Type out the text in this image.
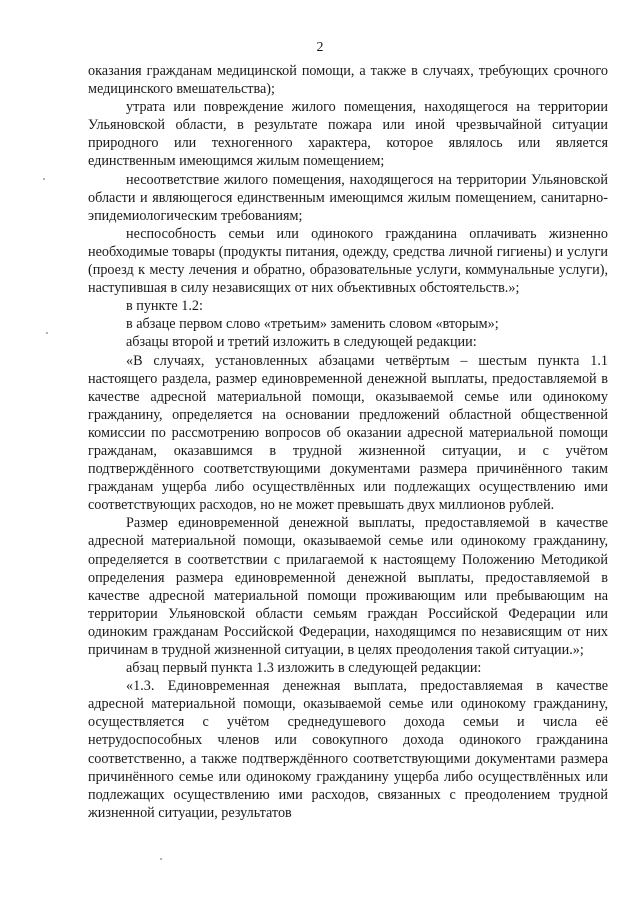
2

оказания гражданам медицинской помощи, а также в случаях, требующих срочного медицинского вмешательства);

утрата или повреждение жилого помещения, находящегося на территории Ульяновской области, в результате пожара или иной чрезвычайной ситуации природного или техногенного характера, которое являлось или является единственным имеющимся жилым помещением;

несоответствие жилого помещения, находящегося на территории Ульяновской области и являющегося единственным имеющимся жилым помещением, санитарно-эпидемиологическим требованиям;

неспособность семьи или одинокого гражданина оплачивать жизненно необходимые товары (продукты питания, одежду, средства личной гигиены) и услуги (проезд к месту лечения и обратно, образовательные услуги, коммунальные услуги), наступившая в силу независящих от них объективных обстоятельств.»;

в пункте 1.2:

в абзаце первом слово «третьим» заменить словом «вторым»;

абзацы второй и третий изложить в следующей редакции:

«В случаях, установленных абзацами четвёртым – шестым пункта 1.1 настоящего раздела, размер единовременной денежной выплаты, предоставляемой в качестве адресной материальной помощи, оказываемой семье или одинокому гражданину, определяется на основании предложений областной общественной комиссии по рассмотрению вопросов об оказании адресной материальной помощи гражданам, оказавшимся в трудной жизненной ситуации, и с учётом подтверждённого соответствующими документами размера причинённого таким гражданам ущерба либо осуществлённых или подлежащих осуществлению ими соответствующих расходов, но не может превышать двух миллионов рублей.

Размер единовременной денежной выплаты, предоставляемой в качестве адресной материальной помощи, оказываемой семье или одинокому гражданину, определяется в соответствии с прилагаемой к настоящему Положению Методикой определения размера единовременной денежной выплаты, предоставляемой в качестве адресной материальной помощи проживающим или пребывающим на территории Ульяновской области семьям граждан Российской Федерации или одиноким гражданам Российской Федерации, находящимся по независящим от них причинам в трудной жизненной ситуации, в целях преодоления такой ситуации.»;

абзац первый пункта 1.3 изложить в следующей редакции:

«1.3. Единовременная денежная выплата, предоставляемая в качестве адресной материальной помощи, оказываемой семье или одинокому гражданину, осуществляется с учётом среднедушевого дохода семьи и числа её нетрудоспособных членов или совокупного дохода одинокого гражданина соответственно, а также подтверждённого соответствующими документами размера причинённого семье или одинокому гражданину ущерба либо осуществлённых или подлежащих осуществлению ими расходов, связанных с преодолением трудной жизненной ситуации, результатов
